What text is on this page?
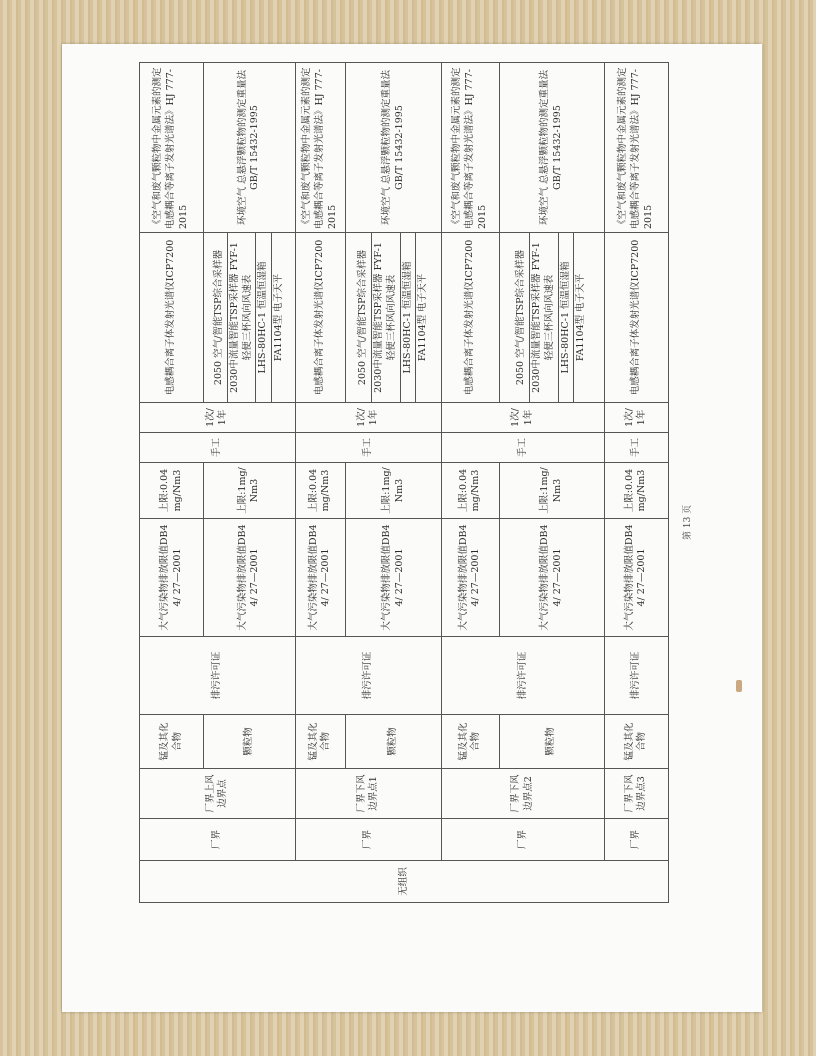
无组织	厂界	厂界上风边界点	锰及其化合物	排污许可证	大气污染物排放限值DB44/ 27—2001	上限:0.04mg/Nm3	手工	1次/1年	电感耦合离子体发射光谱仪ICP7200	《空气和废气颗粒物中金属元素的测定电感耦合等离子发射光谱法》HJ 777-2015
			颗粒物		大气污染物排放限值DB44/ 27—2001	上限:1mg/Nm3			2050 空气/智能TSP综合采样器 2030中流量智能TSP采样器 FYF-1 轻便三杯风向风速表 LHS-80HC-1 恒温恒湿箱 FA1104型 电子天平	环境空气 总悬浮颗粒物的测定重量法 GB/T 15432-1995
	厂界	厂界下风边界点1	锰及其化合物	排污许可证	大气污染物排放限值DB44/ 27—2001	上限:0.04mg/Nm3	手工	1次/1年	电感耦合离子体发射光谱仪ICP7200	《空气和废气颗粒物中金属元素的测定电感耦合等离子发射光谱法》HJ 777-2015
			颗粒物		大气污染物排放限值DB44/ 27—2001	上限:1mg/Nm3			2050 空气/智能TSP综合采样器 2030中流量智能TSP采样器 FYF-1 轻便三杯风向风速表 LHS-80HC-1 恒温恒湿箱 FA1104型 电子天平	环境空气 总悬浮颗粒物的测定重量法 GB/T 15432-1995
	厂界	厂界下风边界点2	锰及其化合物	排污许可证	大气污染物排放限值DB44/ 27—2001	上限:0.04mg/Nm3	手工	1次/1年	电感耦合离子体发射光谱仪ICP7200	《空气和废气颗粒物中金属元素的测定电感耦合等离子发射光谱法》HJ 777-2015
			颗粒物		大气污染物排放限值DB44/ 27—2001	上限:1mg/Nm3			2050 空气/智能TSP综合采样器 2030中流量智能TSP采样器 FYF-1 轻便三杯风向风速表 LHS-80HC-1 恒温恒湿箱 FA1104型 电子天平	环境空气 总悬浮颗粒物的测定重量法 GB/T 15432-1995
	厂界	厂界下风边界点3	锰及其化合物	排污许可证	大气污染物排放限值DB44/ 27—2001	上限:0.04mg/Nm3	手工	1次/1年	电感耦合离子体发射光谱仪ICP7200	《空气和废气颗粒物中金属元素的测定电感耦合等离子发射光谱法》HJ 777-2015
第 13 页
